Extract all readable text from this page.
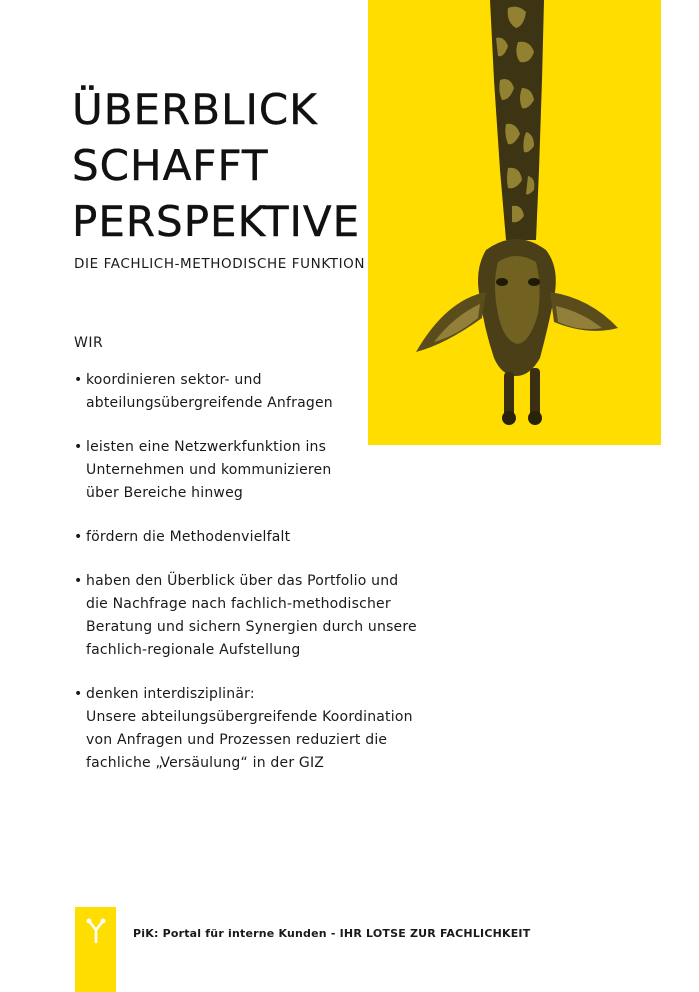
ÜBERBLICK
SCHAFFT
PERSPEKTIVE

DIE FACHLICH-METHODISCHE FUNKTION

WIR
• koordinieren sektor- und
abteilungsübergreifende Anfragen
• leisten eine Netzwerkfunktion ins
Unternehmen und kommunizieren
über Bereiche hinweg
• fördern die Methodenvielfalt
• haben den Überblick über das Portfolio und
die Nachfrage nach fachlich-methodischer
Beratung und sichern Synergien durch unsere
fachlich-regionale Aufstellung
• denken interdisziplinär:
Unsere abteilungsübergreifende Koordination
von Anfragen und Prozessen reduziert die
fachliche „Versäulung“ in der GIZ
PiK: Portal für interne Kunden - IHR LOTSE ZUR FACHLICHKEIT
